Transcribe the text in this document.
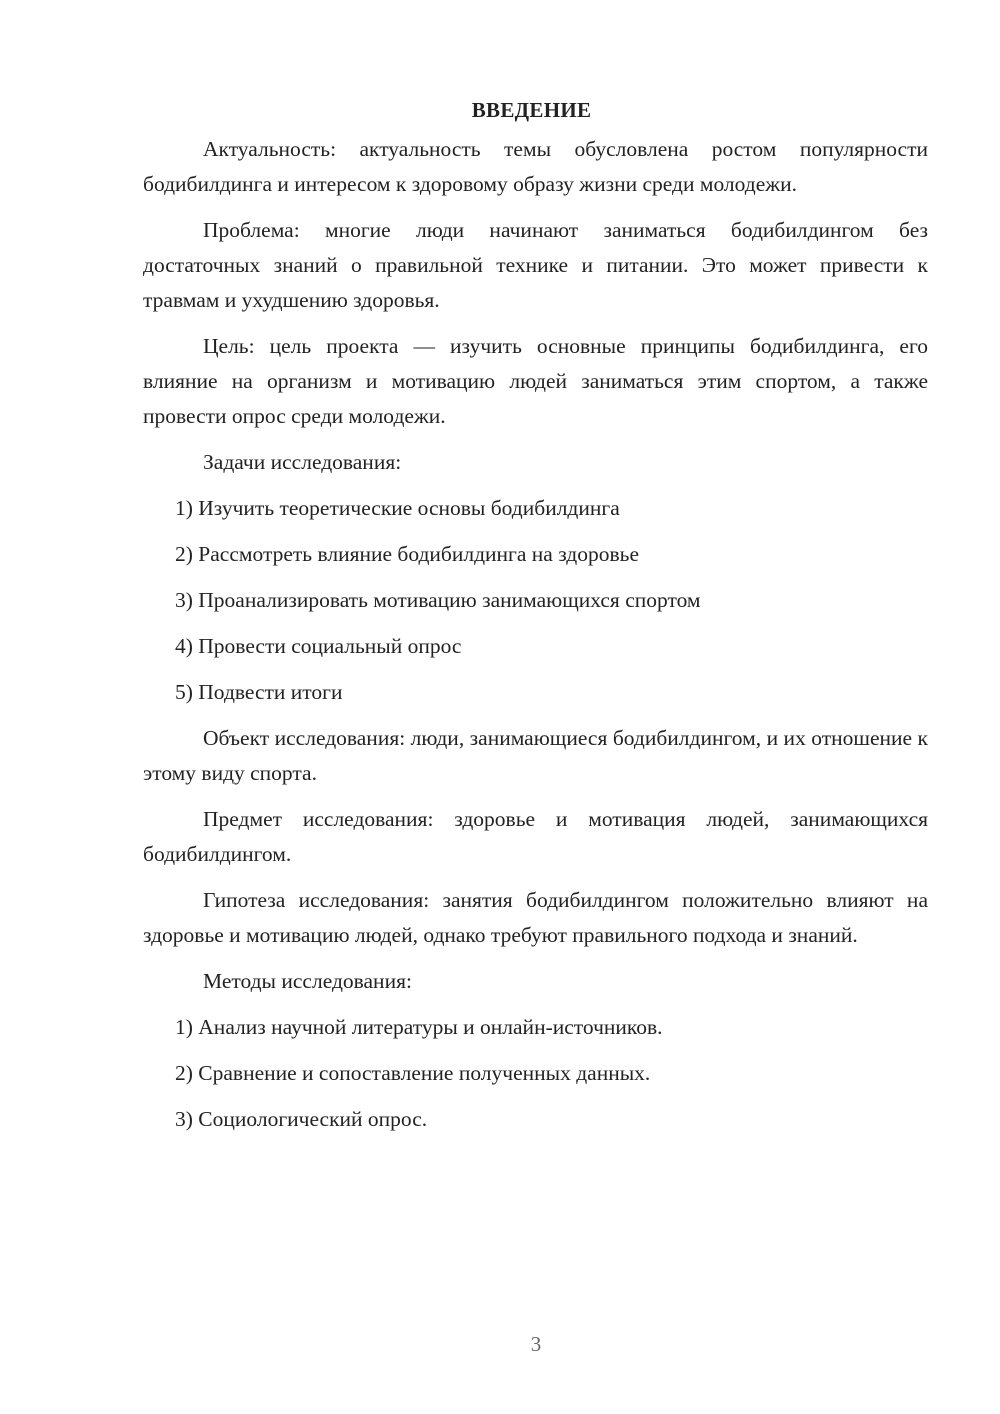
ВВЕДЕНИЕ

Актуальность: актуальность темы обусловлена ростом популярности бодибилдинга и интересом к здоровому образу жизни среди молодежи.

Проблема: многие люди начинают заниматься бодибилдингом без достаточных знаний о правильной технике и питании. Это может привести к травмам и ухудшению здоровья.

Цель: цель проекта — изучить основные принципы бодибилдинга, его влияние на организм и мотивацию людей заниматься этим спортом, а также провести опрос среди молодежи.

Задачи исследования:
1) Изучить теоретические основы бодибилдинга
2) Рассмотреть влияние бодибилдинга на здоровье
3) Проанализировать мотивацию занимающихся спортом
4) Провести социальный опрос
5) Подвести итоги

Объект исследования: люди, занимающиеся бодибилдингом, и их отношение к этому виду спорта.

Предмет исследования: здоровье и мотивация людей, занимающихся бодибилдингом.

Гипотеза исследования: занятия бодибилдингом положительно влияют на здоровье и мотивацию людей, однако требуют правильного подхода и знаний.

Методы исследования:
1) Анализ научной литературы и онлайн-источников.
2) Сравнение и сопоставление полученных данных.
3) Социологический опрос.
3
